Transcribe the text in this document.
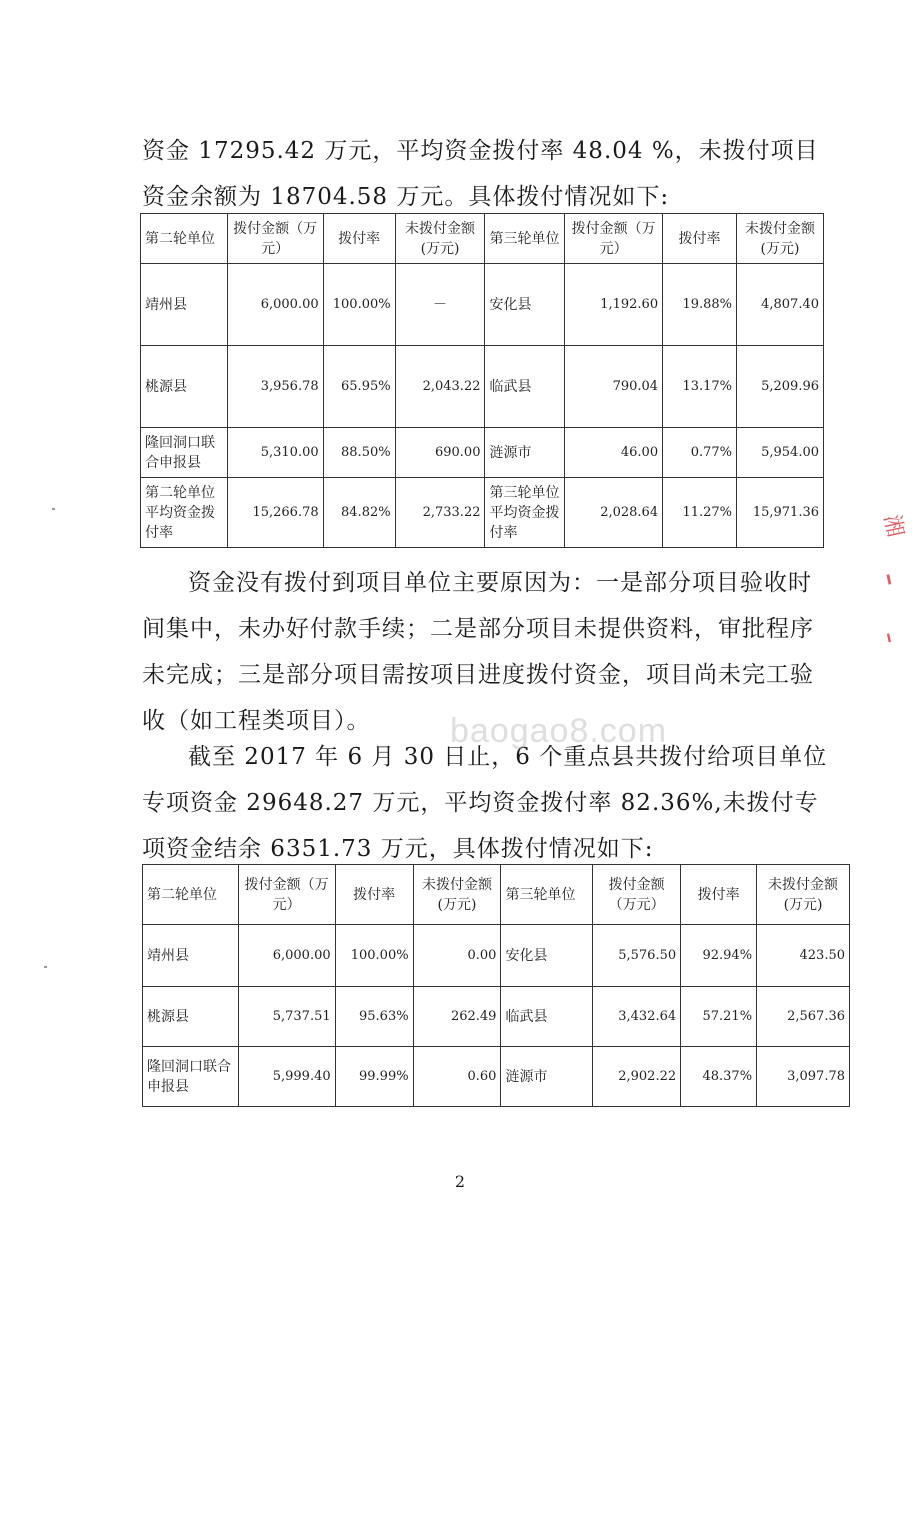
资金 17295.42 万元，平均资金拨付率 48.04 %，未拨付项目资金余额为 18704.58 万元。具体拨付情况如下:

第二轮单位	拨付金额（万元）	拨付率	未拨付金额(万元)	第三轮单位	拨付金额（万元）	拨付率	未拨付金额(万元)
靖州县	6,000.00	100.00%	－	安化县	1,192.60	19.88%	4,807.40
桃源县	3,956.78	65.95%	2,043.22	临武县	790.04	13.17%	5,209.96
隆回洞口联合申报县	5,310.00	88.50%	690.00	涟源市	46.00	0.77%	5,954.00
第二轮单位平均资金拨付率	15,266.78	84.82%	2,733.22	第三轮单位平均资金拨付率	2,028.64	11.27%	15,971.36

资金没有拨付到项目单位主要原因为：一是部分项目验收时间集中，未办好付款手续；二是部分项目未提供资料，审批程序未完成；三是部分项目需按项目进度拨付资金，项目尚未完工验收（如工程类项目）。

截至 2017 年 6 月 30 日止，6 个重点县共拨付给项目单位专项资金 29648.27 万元，平均资金拨付率 82.36%,未拨付专项资金结余 6351.73 万元，具体拨付情况如下:

第二轮单位	拨付金额（万元）	拨付率	未拨付金额(万元)	第三轮单位	拨付金额（万元）	拨付率	未拨付金额(万元)
靖州县	6,000.00	100.00%	0.00	安化县	5,576.50	92.94%	423.50
桃源县	5,737.51	95.63%	262.49	临武县	3,432.64	57.21%	2,567.36
隆回洞口联合申报县	5,999.40	99.99%	0.60	涟源市	2,902.22	48.37%	3,097.78
baogao8.com
2
湘
━
━
